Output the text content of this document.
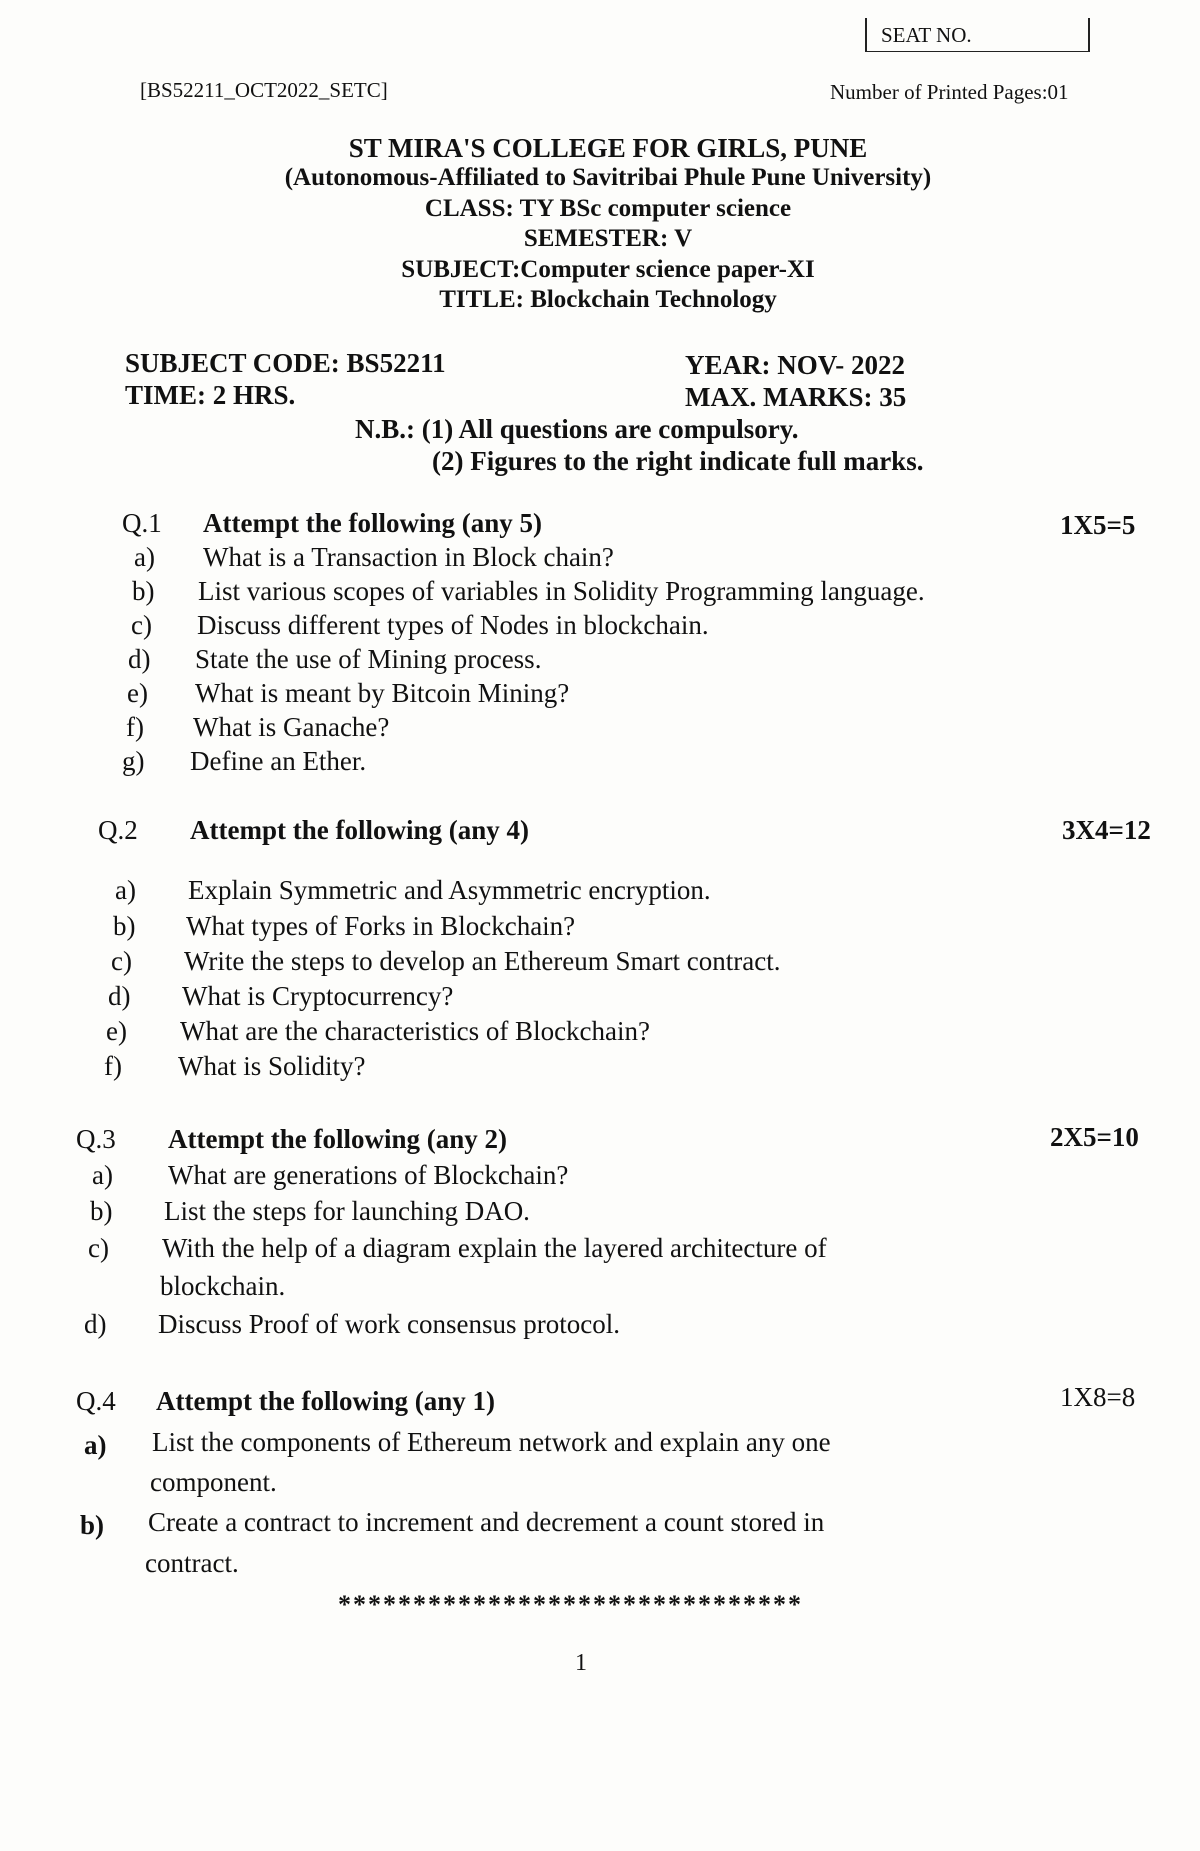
SEAT NO.
[BS52211_OCT2022_SETC]	Number of Printed Pages:01
ST MIRA'S COLLEGE FOR GIRLS, PUNE
(Autonomous-Affiliated to Savitribai Phule Pune University)
CLASS: TY BSc computer science
SEMESTER: V
SUBJECT:Computer science paper-XI
TITLE: Blockchain Technology
SUBJECT CODE: BS52211	YEAR: NOV- 2022
TIME: 2 HRS.	MAX. MARKS: 35
N.B.: (1) All questions are compulsory.
(2) Figures to the right indicate full marks.
Q.1 Attempt the following (any 5)	1X5=5
a) What is a Transaction in Block chain?
b) List various scopes of variables in Solidity Programming language.
c) Discuss different types of Nodes in blockchain.
d) State the use of Mining process.
e) What is meant by Bitcoin Mining?
f) What is Ganache?
g) Define an Ether.
Q.2 Attempt the following (any 4)	3X4=12
a) Explain Symmetric and Asymmetric encryption.
b) What types of Forks in Blockchain?
c) Write the steps to develop an Ethereum Smart contract.
d) What is Cryptocurrency?
e) What are the characteristics of Blockchain?
f) What is Solidity?
Q.3 Attempt the following (any 2)	2X5=10
a) What are generations of Blockchain?
b) List the steps for launching DAO.
c) With the help of a diagram explain the layered architecture of
blockchain.
d) Discuss Proof of work consensus protocol.
Q.4 Attempt the following (any 1)	1X8=8
a) List the components of Ethereum network and explain any one
component.
b) Create a contract to increment and decrement a count stored in
contract.
*******************************
1
